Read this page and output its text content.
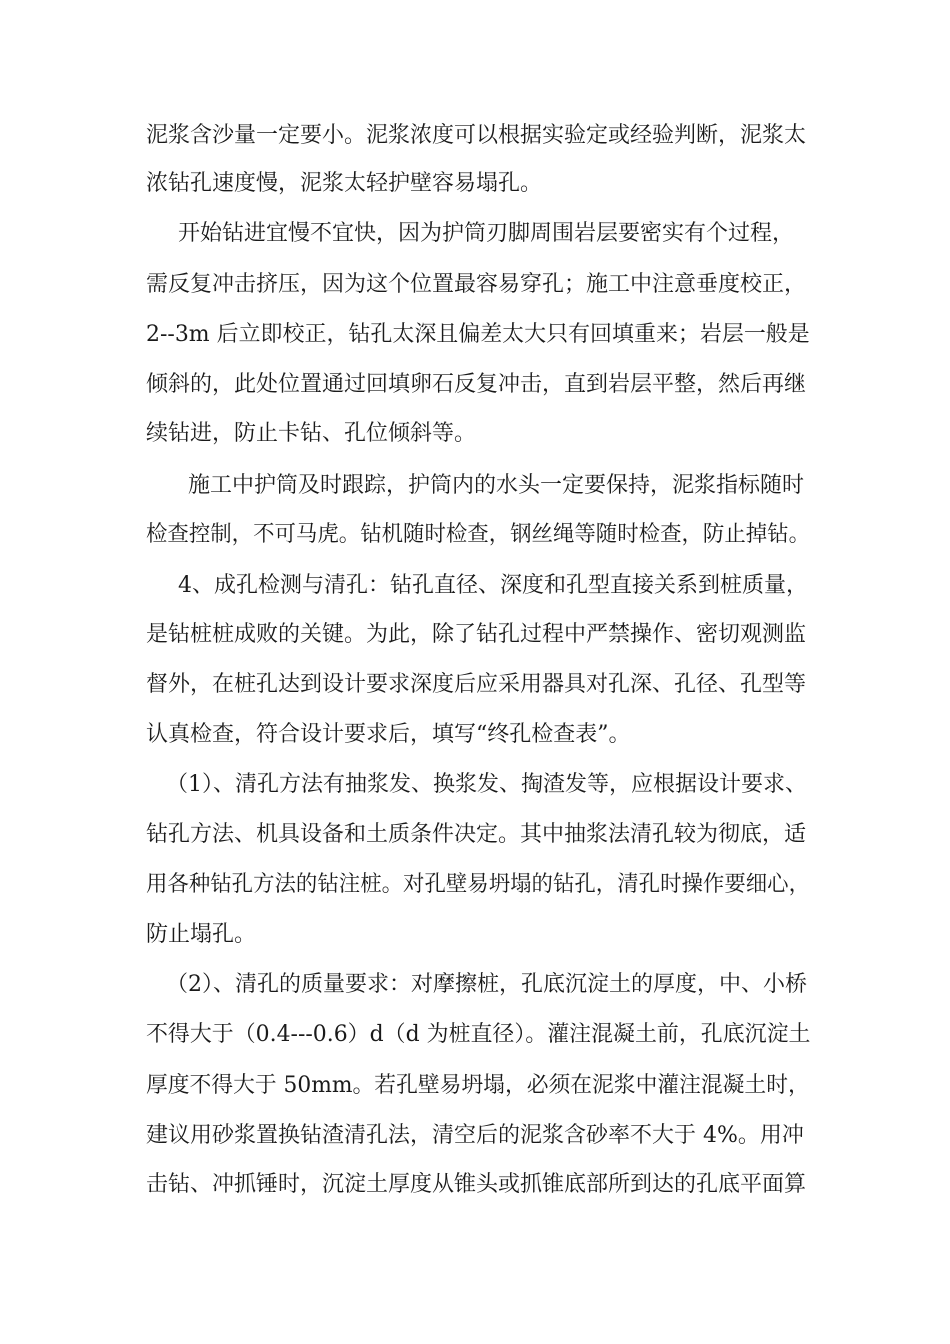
泥浆含沙量一定要小。泥浆浓度可以根据实验定或经验判断，泥浆太
浓钻孔速度慢，泥浆太轻护壁容易塌孔。
开始钻进宜慢不宜快，因为护筒刃脚周围岩层要密实有个过程，
需反复冲击挤压，因为这个位置最容易穿孔；施工中注意垂度校正，
2--3m 后立即校正，钻孔太深且偏差太大只有回填重来；岩层一般是
倾斜的，此处位置通过回填卵石反复冲击，直到岩层平整，然后再继
续钻进，防止卡钻、孔位倾斜等。
施工中护筒及时跟踪，护筒内的水头一定要保持，泥浆指标随时
检查控制，不可马虎。钻机随时检查，钢丝绳等随时检查，防止掉钻。
4、成孔检测与清孔：钻孔直径、深度和孔型直接关系到桩质量，
是钻桩桩成败的关键。为此，除了钻孔过程中严禁操作、密切观测监
督外，在桩孔达到设计要求深度后应采用器具对孔深、孔径、孔型等
认真检查，符合设计要求后，填写“终孔检查表”。
（1）、清孔方法有抽浆发、换浆发、掏渣发等，应根据设计要求、
钻孔方法、机具设备和土质条件决定。其中抽浆法清孔较为彻底，适
用各种钻孔方法的钻注桩。对孔壁易坍塌的钻孔，清孔时操作要细心，
防止塌孔。
（2）、清孔的质量要求：对摩擦桩，孔底沉淀土的厚度，中、小桥
不得大于（0.4---0.6）d（d 为桩直径）。灌注混凝土前，孔底沉淀土
厚度不得大于 50mm。若孔壁易坍塌，必须在泥浆中灌注混凝土时，
建议用砂浆置换钻渣清孔法，清空后的泥浆含砂率不大于 4%。用冲
击钻、冲抓锤时，沉淀土厚度从锥头或抓锥底部所到达的孔底平面算
